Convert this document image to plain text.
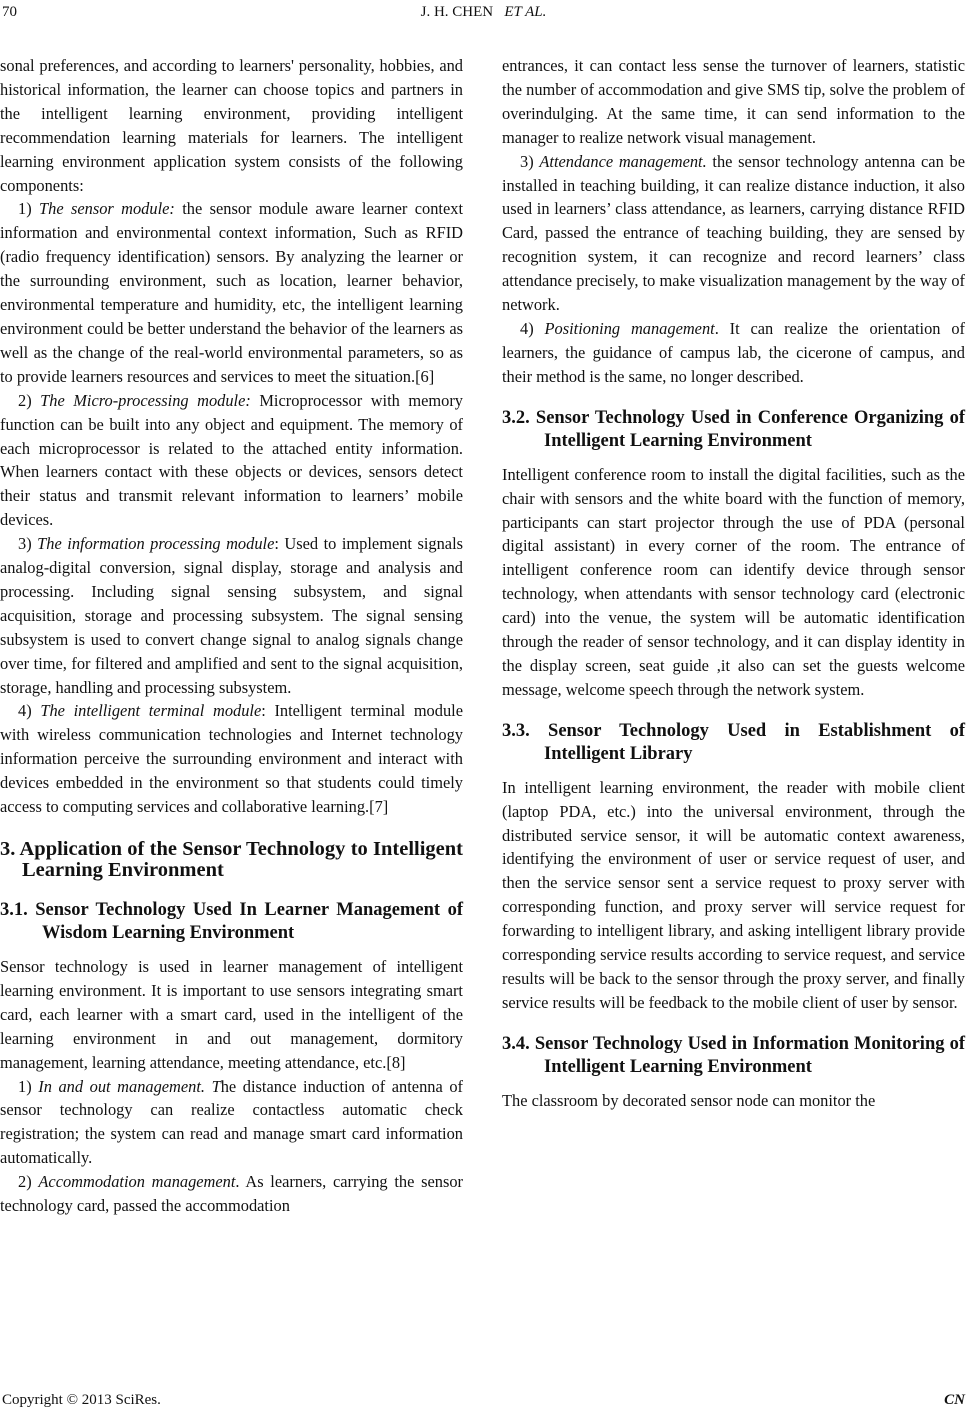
70	J. H. CHEN ET AL.

sonal preferences, and according to learners' personality, hobbies, and historical information, the learner can choose topics and partners in the intelligent learning environment, providing intelligent recommendation learning materials for learners. The intelligent learning environment application system consists of the following components:

1) The sensor module: the sensor module aware learner context information and environmental context information, Such as RFID (radio frequency identification) sensors. By analyzing the learner or the surrounding environment, such as location, learner behavior, environmental temperature and humidity, etc, the intelligent learning environment could be better understand the behavior of the learners as well as the change of the real-world environmental parameters, so as to provide learners resources and services to meet the situation.[6]

2) The Micro-processing module: Microprocessor with memory function can be built into any object and equipment. The memory of each microprocessor is related to the attached entity information. When learners contact with these objects or devices, sensors detect their status and transmit relevant information to learners’ mobile devices.

3) The information processing module: Used to implement signals analog-digital conversion, signal display, storage and analysis and processing. Including signal sensing subsystem, and signal acquisition, storage and processing subsystem. The signal sensing subsystem is used to convert change signal to analog signals change over time, for filtered and amplified and sent to the signal acquisition, storage, handling and processing subsystem.

4) The intelligent terminal module: Intelligent terminal module with wireless communication technologies and Internet technology information perceive the surrounding environment and interact with devices embedded in the environment so that students could timely access to computing services and collaborative learning.[7]

3. Application of the Sensor Technology to Intelligent Learning Environment
3.1. Sensor Technology Used In Learner Management of Wisdom Learning Environment

Sensor technology is used in learner management of intelligent learning environment. It is important to use sensors integrating smart card, each learner with a smart card, used in the intelligent of the learning environment in and out management, dormitory management, learning attendance, meeting attendance, etc.[8]

1) In and out management. The distance induction of antenna of sensor technology can realize contactless automatic check registration; the system can read and manage smart card information automatically.

2) Accommodation management. As learners, carrying the sensor technology card, passed the accommodation

entrances, it can contact less sense the turnover of learners, statistic the number of accommodation and give SMS tip, solve the problem of overindulging. At the same time, it can send information to the manager to realize network visual management.

3) Attendance management. the sensor technology antenna can be installed in teaching building, it can realize distance induction, it also used in learners’ class attendance, as learners, carrying distance RFID Card, passed the entrance of teaching building, they are sensed by recognition system, it can recognize and record learners’ class attendance precisely, to make visualization management by the way of network.

4) Positioning management. It can realize the orientation of learners, the guidance of campus lab, the cicerone of campus, and their method is the same, no longer described.

3.2. Sensor Technology Used in Conference Organizing of Intelligent Learning Environment

Intelligent conference room to install the digital facilities, such as the chair with sensors and the white board with the function of memory, participants can start projector through the use of PDA (personal digital assistant) in every corner of the room. The entrance of intelligent conference room can identify device through sensor technology, when attendants with sensor technology card (electronic card) into the venue, the system will be automatic identification through the reader of sensor technology, and it can display identity in the display screen, seat guide ,it also can set the guests welcome message, welcome speech through the network system.

3.3. Sensor Technology Used in Establishment of Intelligent Library

In intelligent learning environment, the reader with mobile client (laptop PDA, etc.) into the universal environment, through the distributed service sensor, it will be automatic context awareness, identifying the environment of user or service request of user, and then the service sensor sent a service request to proxy server with corresponding function, and proxy server will service request for forwarding to intelligent library, and asking intelligent library provide corresponding service results according to service request, and service results will be back to the sensor through the proxy server, and finally service results will be feedback to the mobile client of user by sensor.

3.4. Sensor Technology Used in Information Monitoring of Intelligent Learning Environment

The classroom by decorated sensor node can monitor the

Copyright © 2013 SciRes.	CN
